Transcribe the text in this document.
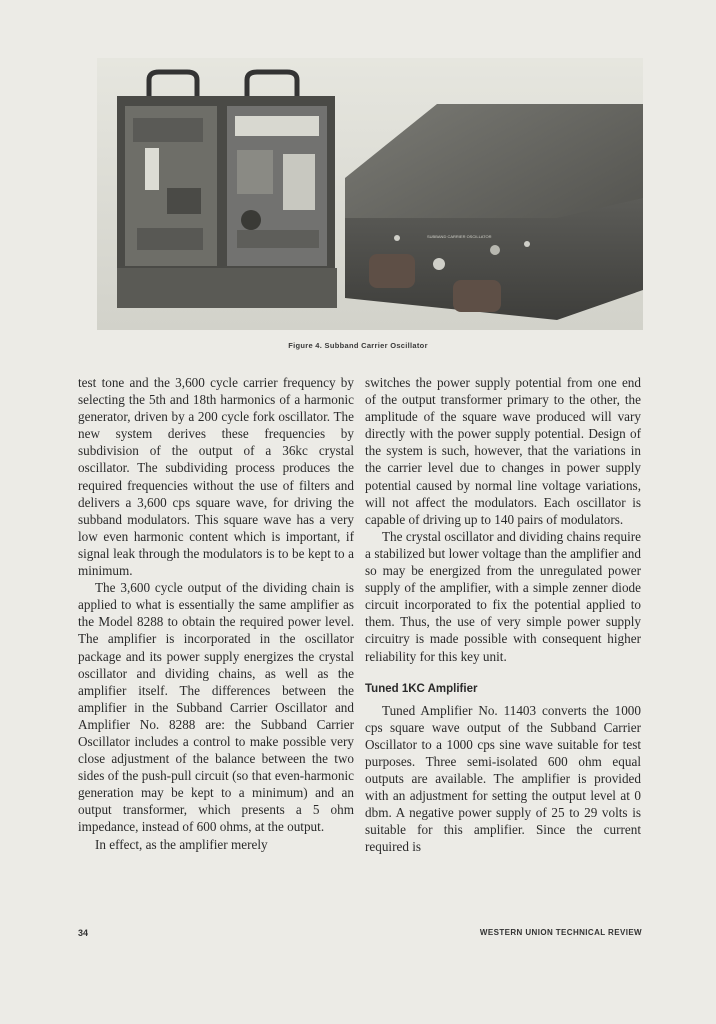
SUBBAND CARRIER OSCILLATOR
Figure 4. Subband Carrier Oscillator

test tone and the 3,600 cycle carrier frequency by selecting the 5th and 18th harmonics of a harmonic generator, driven by a 200 cycle fork oscillator. The new system derives these frequencies by subdivision of the output of a 36kc crystal oscillator. The subdividing process produces the required frequencies without the use of filters and delivers a 3,600 cps square wave, for driving the subband modulators. This square wave has a very low even harmonic content which is important, if signal leak through the modulators is to be kept to a minimum.

The 3,600 cycle output of the dividing chain is applied to what is essentially the same amplifier as the Model 8288 to obtain the required power level. The amplifier is incorporated in the oscillator package and its power supply energizes the crystal oscillator and dividing chains, as well as the amplifier itself. The differences between the amplifier in the Subband Carrier Oscillator and Amplifier No. 8288 are: the Subband Carrier Oscillator includes a control to make possible very close adjustment of the balance between the two sides of the push-pull circuit (so that even-harmonic generation may be kept to a minimum) and an output transformer, which presents a 5 ohm impedance, instead of 600 ohms, at the output.

In effect, as the amplifier merely

switches the power supply potential from one end of the output transformer primary to the other, the amplitude of the square wave produced will vary directly with the power supply potential. Design of the system is such, however, that the variations in the carrier level due to changes in power supply potential caused by normal line voltage variations, will not affect the modulators. Each oscillator is capable of driving up to 140 pairs of modulators.

The crystal oscillator and dividing chains require a stabilized but lower voltage than the amplifier and so may be energized from the unregulated power supply of the amplifier, with a simple zenner diode circuit incorporated to fix the potential applied to them. Thus, the use of very simple power supply circuitry is made possible with consequent higher reliability for this key unit.

Tuned 1KC Amplifier

Tuned Amplifier No. 11403 converts the 1000 cps square wave output of the Subband Carrier Oscillator to a 1000 cps sine wave suitable for test purposes. Three semi-isolated 600 ohm equal outputs are available. The amplifier is provided with an adjustment for setting the output level at 0 dbm. A negative power supply of 25 to 29 volts is suitable for this amplifier. Since the current required is

34	WESTERN UNION TECHNICAL REVIEW
